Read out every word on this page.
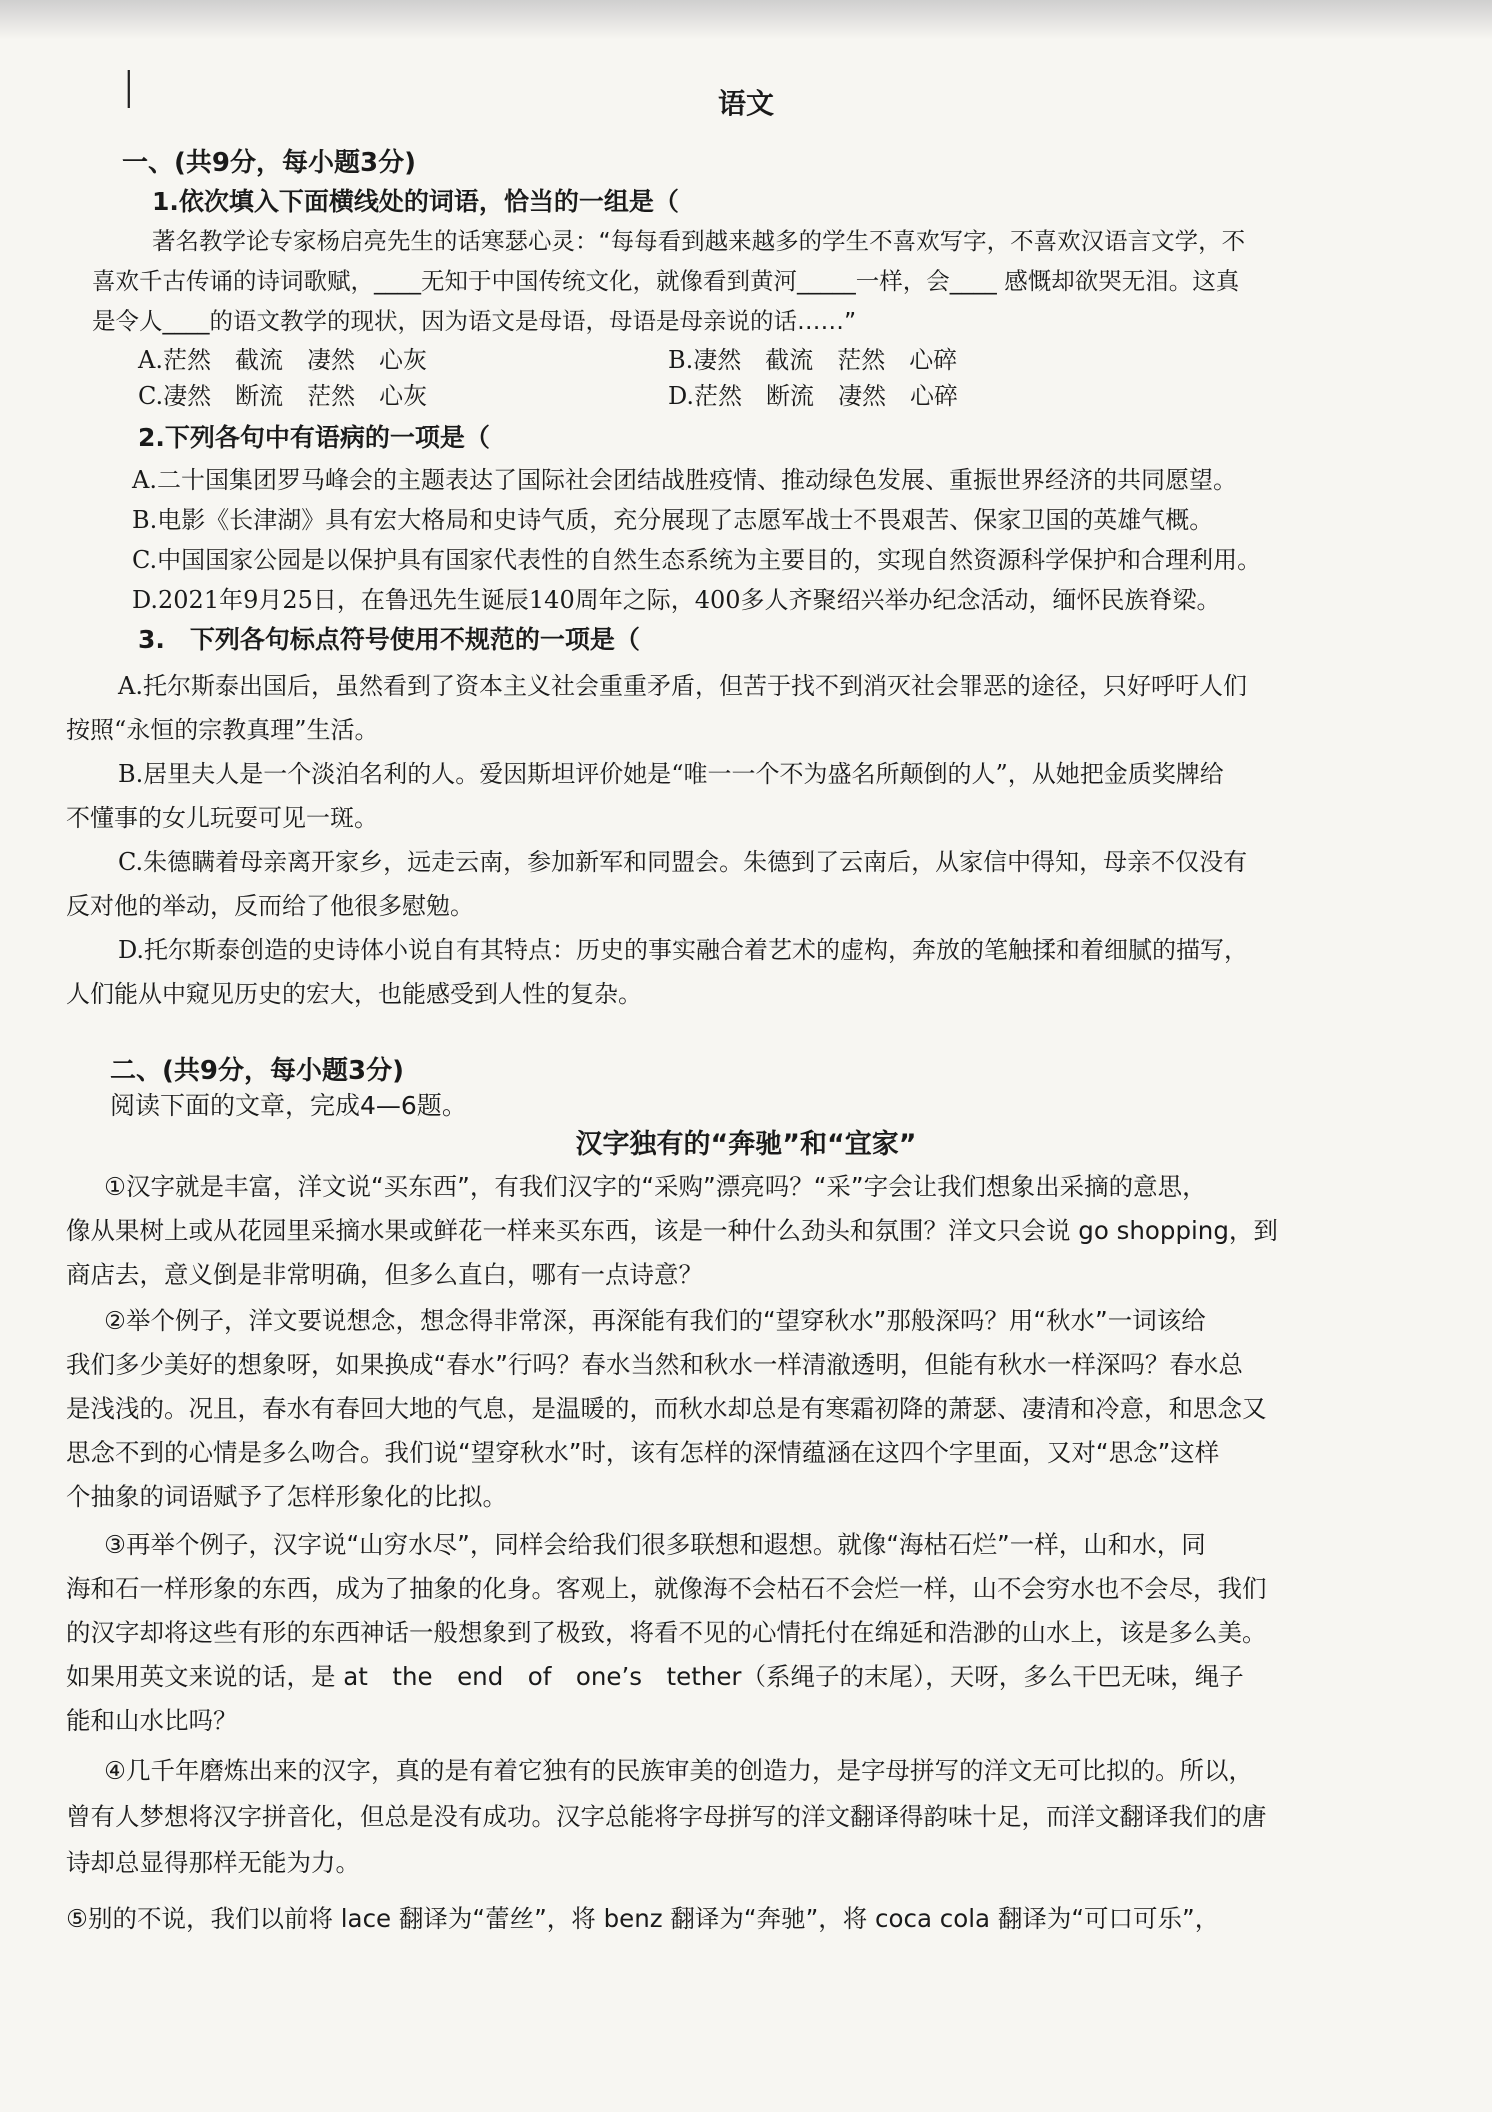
l	语文
一、(共9分，每小题3分)
1.依次填入下面横线处的词语，恰当的一组是（
著名教学论专家杨启亮先生的话寒瑟心灵：“每每看到越来越多的学生不喜欢写字，不喜欢汉语言文学，不
喜欢千古传诵的诗词歌赋，____无知于中国传统文化，就像看到黄河_____一样，会____ 感慨却欲哭无泪。这真
是令人____的语文教学的现状，因为语文是母语，母语是母亲说的话……”
A.茫然　截流　凄然　心灰	B.凄然　截流　茫然　心碎
C.凄然　断流　茫然　心灰	D.茫然　断流　凄然　心碎
2.下列各句中有语病的一项是（
A.二十国集团罗马峰会的主题表达了国际社会团结战胜疫情、推动绿色发展、重振世界经济的共同愿望。
B.电影《长津湖》具有宏大格局和史诗气质，充分展现了志愿军战士不畏艰苦、保家卫国的英雄气概。
C.中国国家公园是以保护具有国家代表性的自然生态系统为主要目的，实现自然资源科学保护和合理利用。
D.2021年9月25日，在鲁迅先生诞辰140周年之际，400多人齐聚绍兴举办纪念活动，缅怀民族脊梁。
3.　下列各句标点符号使用不规范的一项是（
A.托尔斯泰出国后，虽然看到了资本主义社会重重矛盾，但苦于找不到消灭社会罪恶的途径，只好呼吁人们
按照“永恒的宗教真理”生活。
B.居里夫人是一个淡泊名利的人。爱因斯坦评价她是“唯一一个不为盛名所颠倒的人”，从她把金质奖牌给
不懂事的女儿玩耍可见一斑。
C.朱德瞒着母亲离开家乡，远走云南，参加新军和同盟会。朱德到了云南后，从家信中得知，母亲不仅没有
反对他的举动，反而给了他很多慰勉。
D.托尔斯泰创造的史诗体小说自有其特点：历史的事实融合着艺术的虚构，奔放的笔触揉和着细腻的描写，
人们能从中窥见历史的宏大，也能感受到人性的复杂。
二、(共9分，每小题3分)
阅读下面的文章，完成4—6题。
汉字独有的“奔驰”和“宜家”
①汉字就是丰富，洋文说“买东西”，有我们汉字的“采购”漂亮吗？“采”字会让我们想象出采摘的意思，
像从果树上或从花园里采摘水果或鲜花一样来买东西，该是一种什么劲头和氛围？洋文只会说 go shopping，到
商店去，意义倒是非常明确，但多么直白，哪有一点诗意？
②举个例子，洋文要说想念，想念得非常深，再深能有我们的“望穿秋水”那般深吗？用“秋水”一词该给
我们多少美好的想象呀，如果换成“春水”行吗？春水当然和秋水一样清澈透明，但能有秋水一样深吗？春水总
是浅浅的。况且，春水有春回大地的气息，是温暖的，而秋水却总是有寒霜初降的萧瑟、凄清和冷意，和思念又
思念不到的心情是多么吻合。我们说“望穿秋水”时，该有怎样的深情蕴涵在这四个字里面，又对“思念”这样
个抽象的词语赋予了怎样形象化的比拟。
③再举个例子，汉字说“山穷水尽”，同样会给我们很多联想和遐想。就像“海枯石烂”一样，山和水，同
海和石一样形象的东西，成为了抽象的化身。客观上，就像海不会枯石不会烂一样，山不会穷水也不会尽，我们
的汉字却将这些有形的东西神话一般想象到了极致，将看不见的心情托付在绵延和浩渺的山水上，该是多么美。
如果用英文来说的话，是 at　the　end　of　one’s　tether（系绳子的末尾），天呀，多么干巴无味，绳子
能和山水比吗？
④几千年磨炼出来的汉字，真的是有着它独有的民族审美的创造力，是字母拼写的洋文无可比拟的。所以，
曾有人梦想将汉字拼音化，但总是没有成功。汉字总能将字母拼写的洋文翻译得韵味十足，而洋文翻译我们的唐
诗却总显得那样无能为力。
⑤别的不说，我们以前将 lace 翻译为“蕾丝”，将 benz 翻译为“奔驰”，将 coca cola 翻译为“可口可乐”，
